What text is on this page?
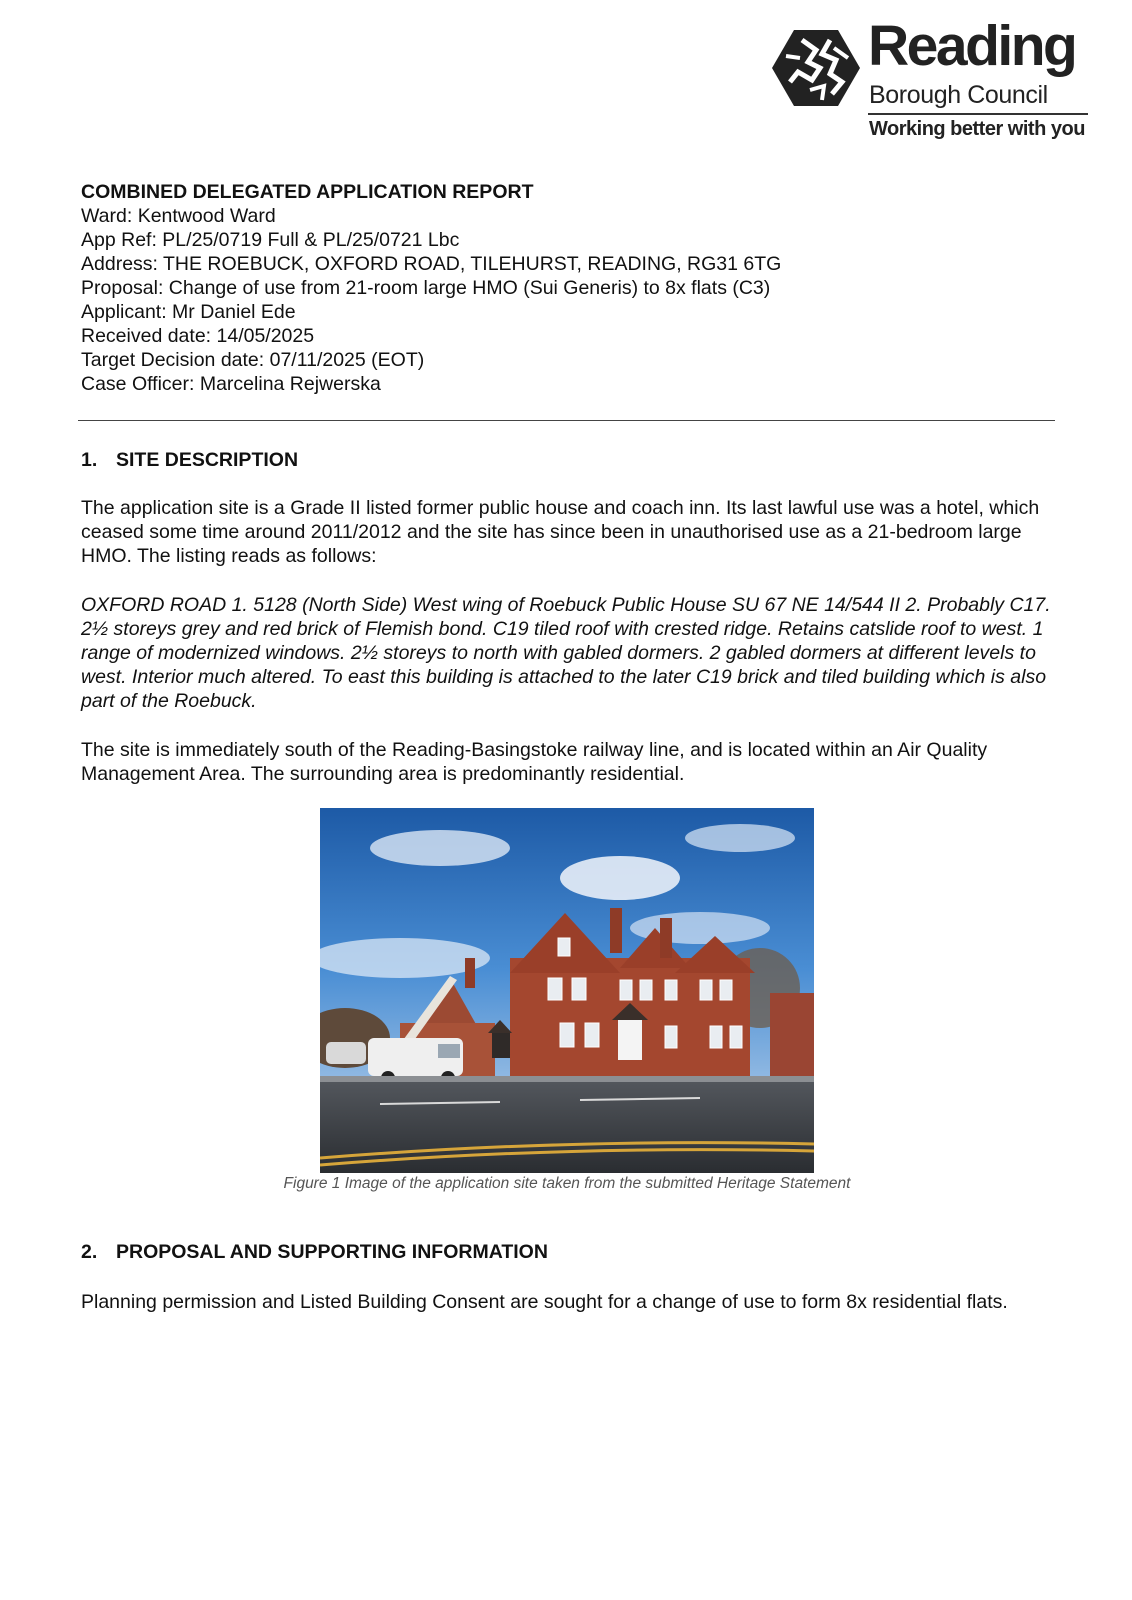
Reading
Borough Council
Working better with you

COMBINED DELEGATED APPLICATION REPORT

Ward: Kentwood Ward

App Ref: PL/25/0719 Full & PL/25/0721 Lbc

Address: THE ROEBUCK, OXFORD ROAD, TILEHURST, READING, RG31 6TG

Proposal: Change of use from 21-room large HMO (Sui Generis) to 8x flats (C3)

Applicant: Mr Daniel Ede

Received date: 14/05/2025

Target Decision date: 07/11/2025 (EOT)

Case Officer: Marcelina Rejwerska

1. SITE DESCRIPTION

The application site is a Grade II listed former public house and coach inn. Its last lawful use was a hotel, which ceased some time around 2011/2012 and the site has since been in unauthorised use as a 21-bedroom large HMO. The listing reads as follows:

OXFORD ROAD 1. 5128 (North Side) West wing of Roebuck Public House SU 67 NE 14/544 II 2. Probably C17. 2½ storeys grey and red brick of Flemish bond. C19 tiled roof with crested ridge. Retains catslide roof to west. 1 range of modernized windows. 2½ storeys to north with gabled dormers. 2 gabled dormers at different levels to west. Interior much altered. To east this building is attached to the later C19 brick and tiled building which is also part of the Roebuck.

The site is immediately south of the Reading-Basingstoke railway line, and is located within an Air Quality Management Area. The surrounding area is predominantly residential.

Figure 1 Image of the application site taken from the submitted Heritage Statement

2. PROPOSAL AND SUPPORTING INFORMATION

Planning permission and Listed Building Consent are sought for a change of use to form 8x residential flats.
